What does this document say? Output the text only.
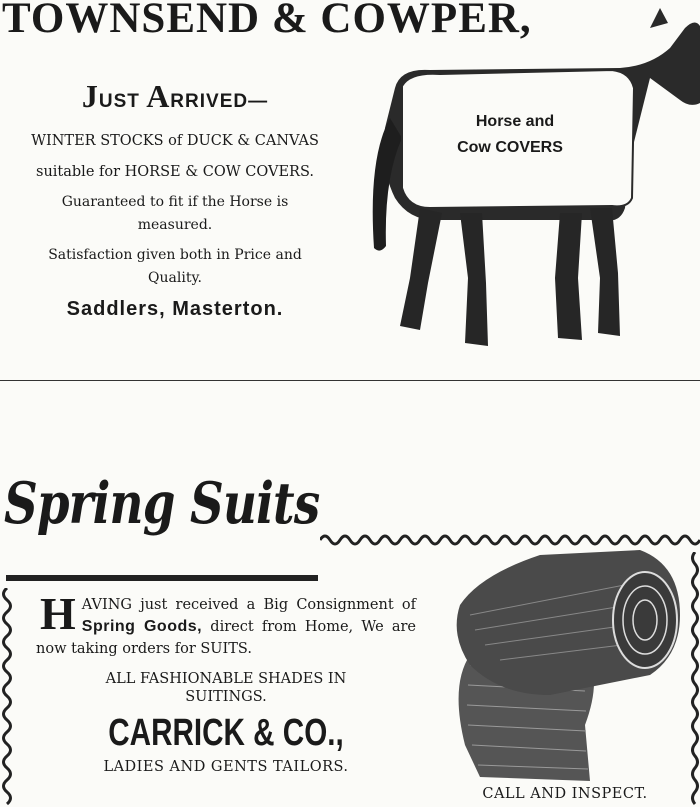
TOWNSEND & COWPER,

JUST ARRIVED—

WINTER STOCKS of DUCK & CANVAS

suitable for HORSE & COW COVERS.

Guaranteed to fit if the Horse is measured.

Satisfaction given both in Price and Quality.

Saddlers, Masterton.
Horse and
Cow COVERS
Spring Suits

HAVING just received a Big Consignment of Spring Goods, direct from Home, We are now taking orders for SUITS.

ALL FASHIONABLE SHADES IN SUITINGS.

CARRICK & CO.,

LADIES AND GENTS TAILORS.

CALL AND INSPECT.
